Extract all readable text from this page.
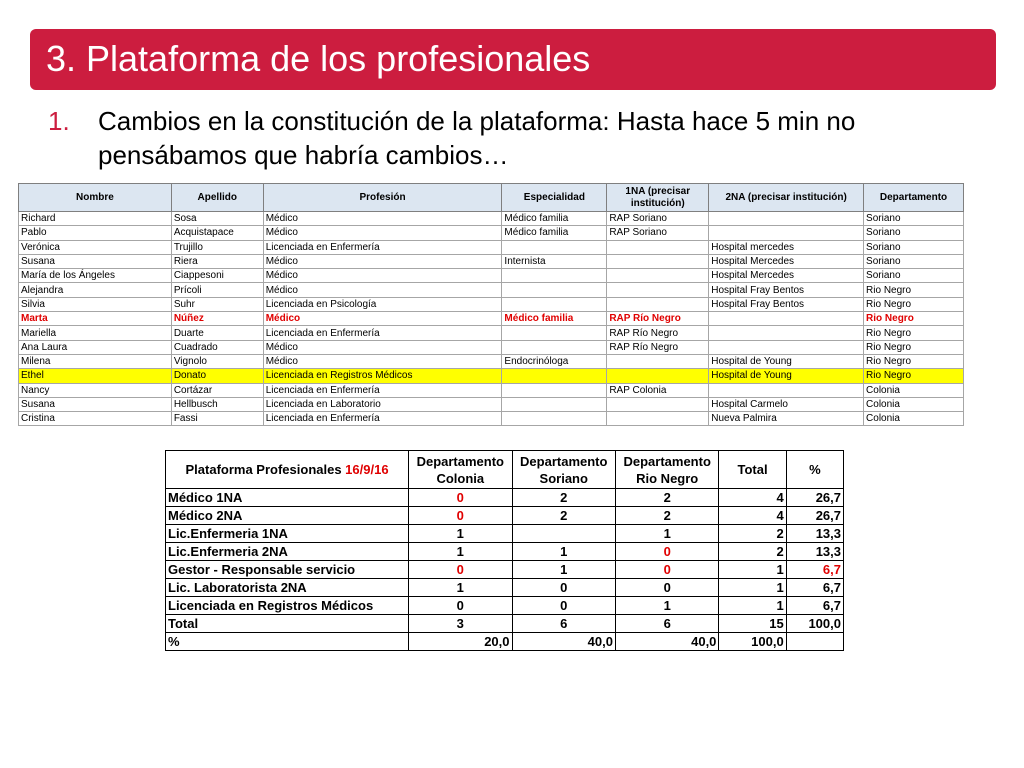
3. Plataforma de los profesionales
1. Cambios en la constitución de la plataforma: Hasta hace 5 min no pensábamos que habría cambios…
Nombre	Apellido	Profesión	Especialidad	1NA (precisar institución)	2NA (precisar institución)	Departamento
Richard	Sosa	Médico	Médico familia	RAP Soriano		Soriano
Pablo	Acquistapace	Médico	Médico familia	RAP Soriano		Soriano
Verónica	Trujillo	Licenciada en Enfermería			Hospital mercedes	Soriano
Susana	Riera	Médico	Internista		Hospital Mercedes	Soriano
María de los Ángeles	Ciappesoni	Médico			Hospital Mercedes	Soriano
Alejandra	Prícoli	Médico			Hospital Fray Bentos	Rio Negro
Silvia	Suhr	Licenciada en Psicología			Hospital Fray Bentos	Rio Negro
Marta	Núñez	Médico	Médico familia	RAP Río Negro		Rio Negro
Mariella	Duarte	Licenciada en Enfermería		RAP Río Negro		Rio Negro
Ana Laura	Cuadrado	Médico		RAP Río Negro		Rio Negro
Milena	Vignolo	Médico	Endocrinóloga		Hospital de Young	Rio Negro
Ethel	Donato	Licenciada en Registros Médicos			Hospital de Young	Rio Negro
Nancy	Cortázar	Licenciada en Enfermería		RAP Colonia		Colonia
Susana	Hellbusch	Licenciada en Laboratorio			Hospital Carmelo	Colonia
Cristina	Fassi	Licenciada en Enfermería			Nueva Palmira	Colonia
Plataforma Profesionales 16/9/16	Departamento Colonia	Departamento Soriano	Departamento Rio Negro	Total	%
Médico 1NA	0	2	2	4	26,7
Médico 2NA	0	2	2	4	26,7
Lic.Enfermeria 1NA	1		1	2	13,3
Lic.Enfermeria 2NA	1	1	0	2	13,3
Gestor - Responsable servicio	0	1	0	1	6,7
Lic. Laboratorista 2NA	1	0	0	1	6,7
Licenciada en Registros Médicos	0	0	1	1	6,7
Total	3	6	6	15	100,0
%	20,0	40,0	40,0	100,0	
